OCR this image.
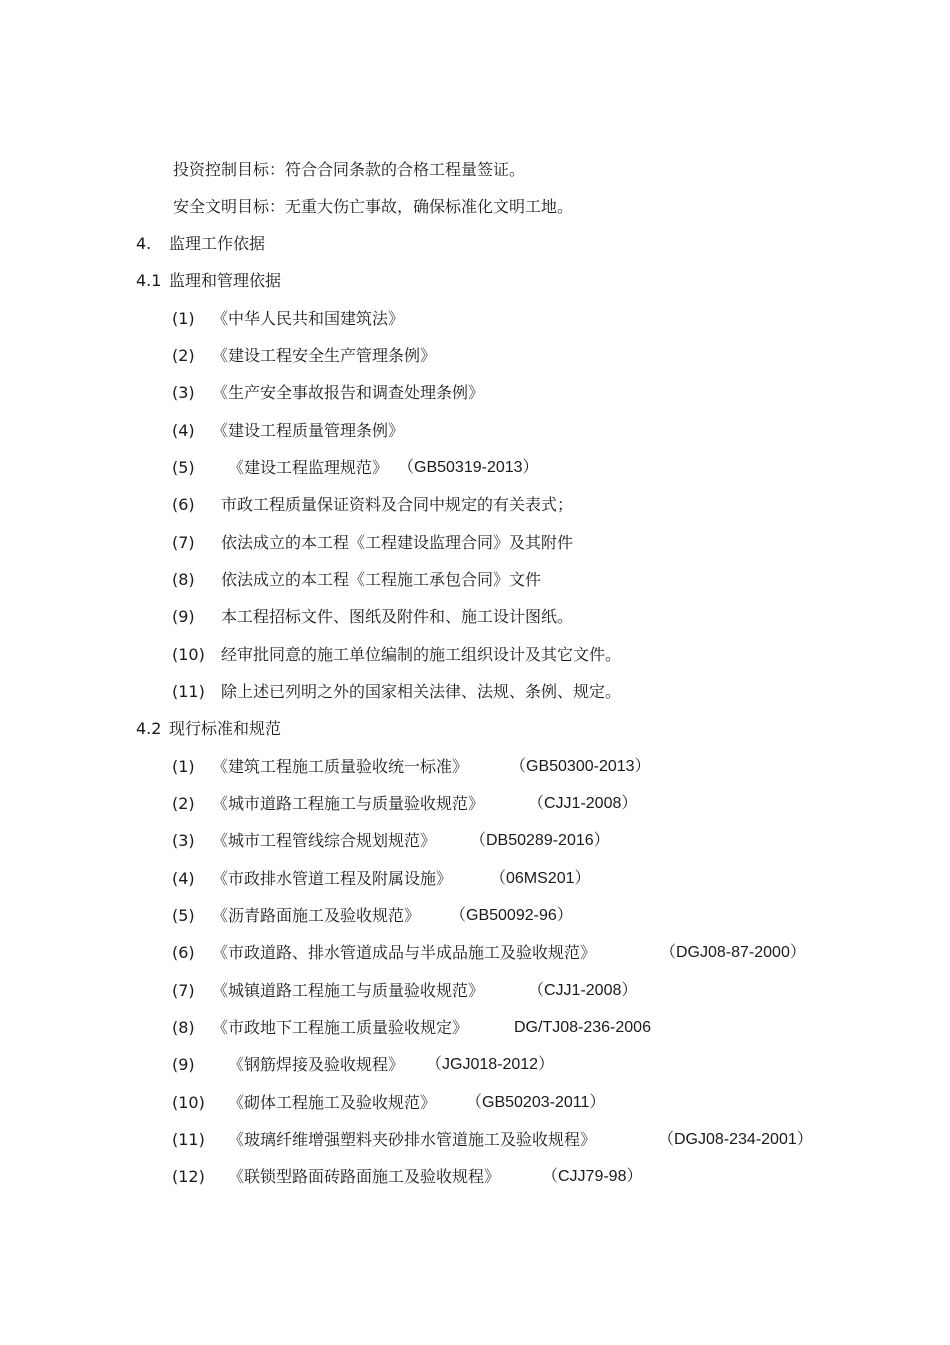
投资控制目标：符合合同条款的合格工程量签证。
安全文明目标：无重大伤亡事故，确保标准化文明工地。
4. 监理工作依据
4.1 监理和管理依据
(1) 《中华人民共和国建筑法》
(2) 《建设工程安全生产管理条例》
(3) 《生产安全事故报告和调查处理条例》
(4) 《建设工程质量管理条例》
(5) 《建设工程监理规范》 （GB50319-2013）
(6) 市政工程质量保证资料及合同中规定的有关表式；
(7) 依法成立的本工程《工程建设监理合同》及其附件
(8) 依法成立的本工程《工程施工承包合同》文件
(9) 本工程招标文件、图纸及附件和、施工设计图纸。
(10) 经审批同意的施工单位编制的施工组织设计及其它文件。
(11) 除上述已列明之外的国家相关法律、法规、条例、规定。
4.2 现行标准和规范
(1) 《建筑工程施工质量验收统一标准》	（GB50300-2013）
(2) 《城市道路工程施工与质量验收规范》	（CJJ1-2008）
(3) 《城市工程管线综合规划规范》 （DB50289-2016）
(4) 《市政排水管道工程及附属设施》 （06MS201）
(5) 《沥青路面施工及验收规范》 （GB50092-96）
(6) 《市政道路、排水管道成品与半成品施工及验收规范》	（DGJ08-87-2000）
(7) 《城镇道路工程施工与质量验收规范》	（CJJ1-2008）
(8) 《市政地下工程施工质量验收规定》	DG/TJ08-236-2006
(9) 《钢筋焊接及验收规程》 （JGJ018-2012）
(10) 《砌体工程施工及验收规范》 （GB50203-2011）
(11) 《玻璃纤维增强塑料夹砂排水管道施工及验收规程》	（DGJ08-234-2001）
(12) 《联锁型路面砖路面施工及验收规程》	（CJJ79-98）
